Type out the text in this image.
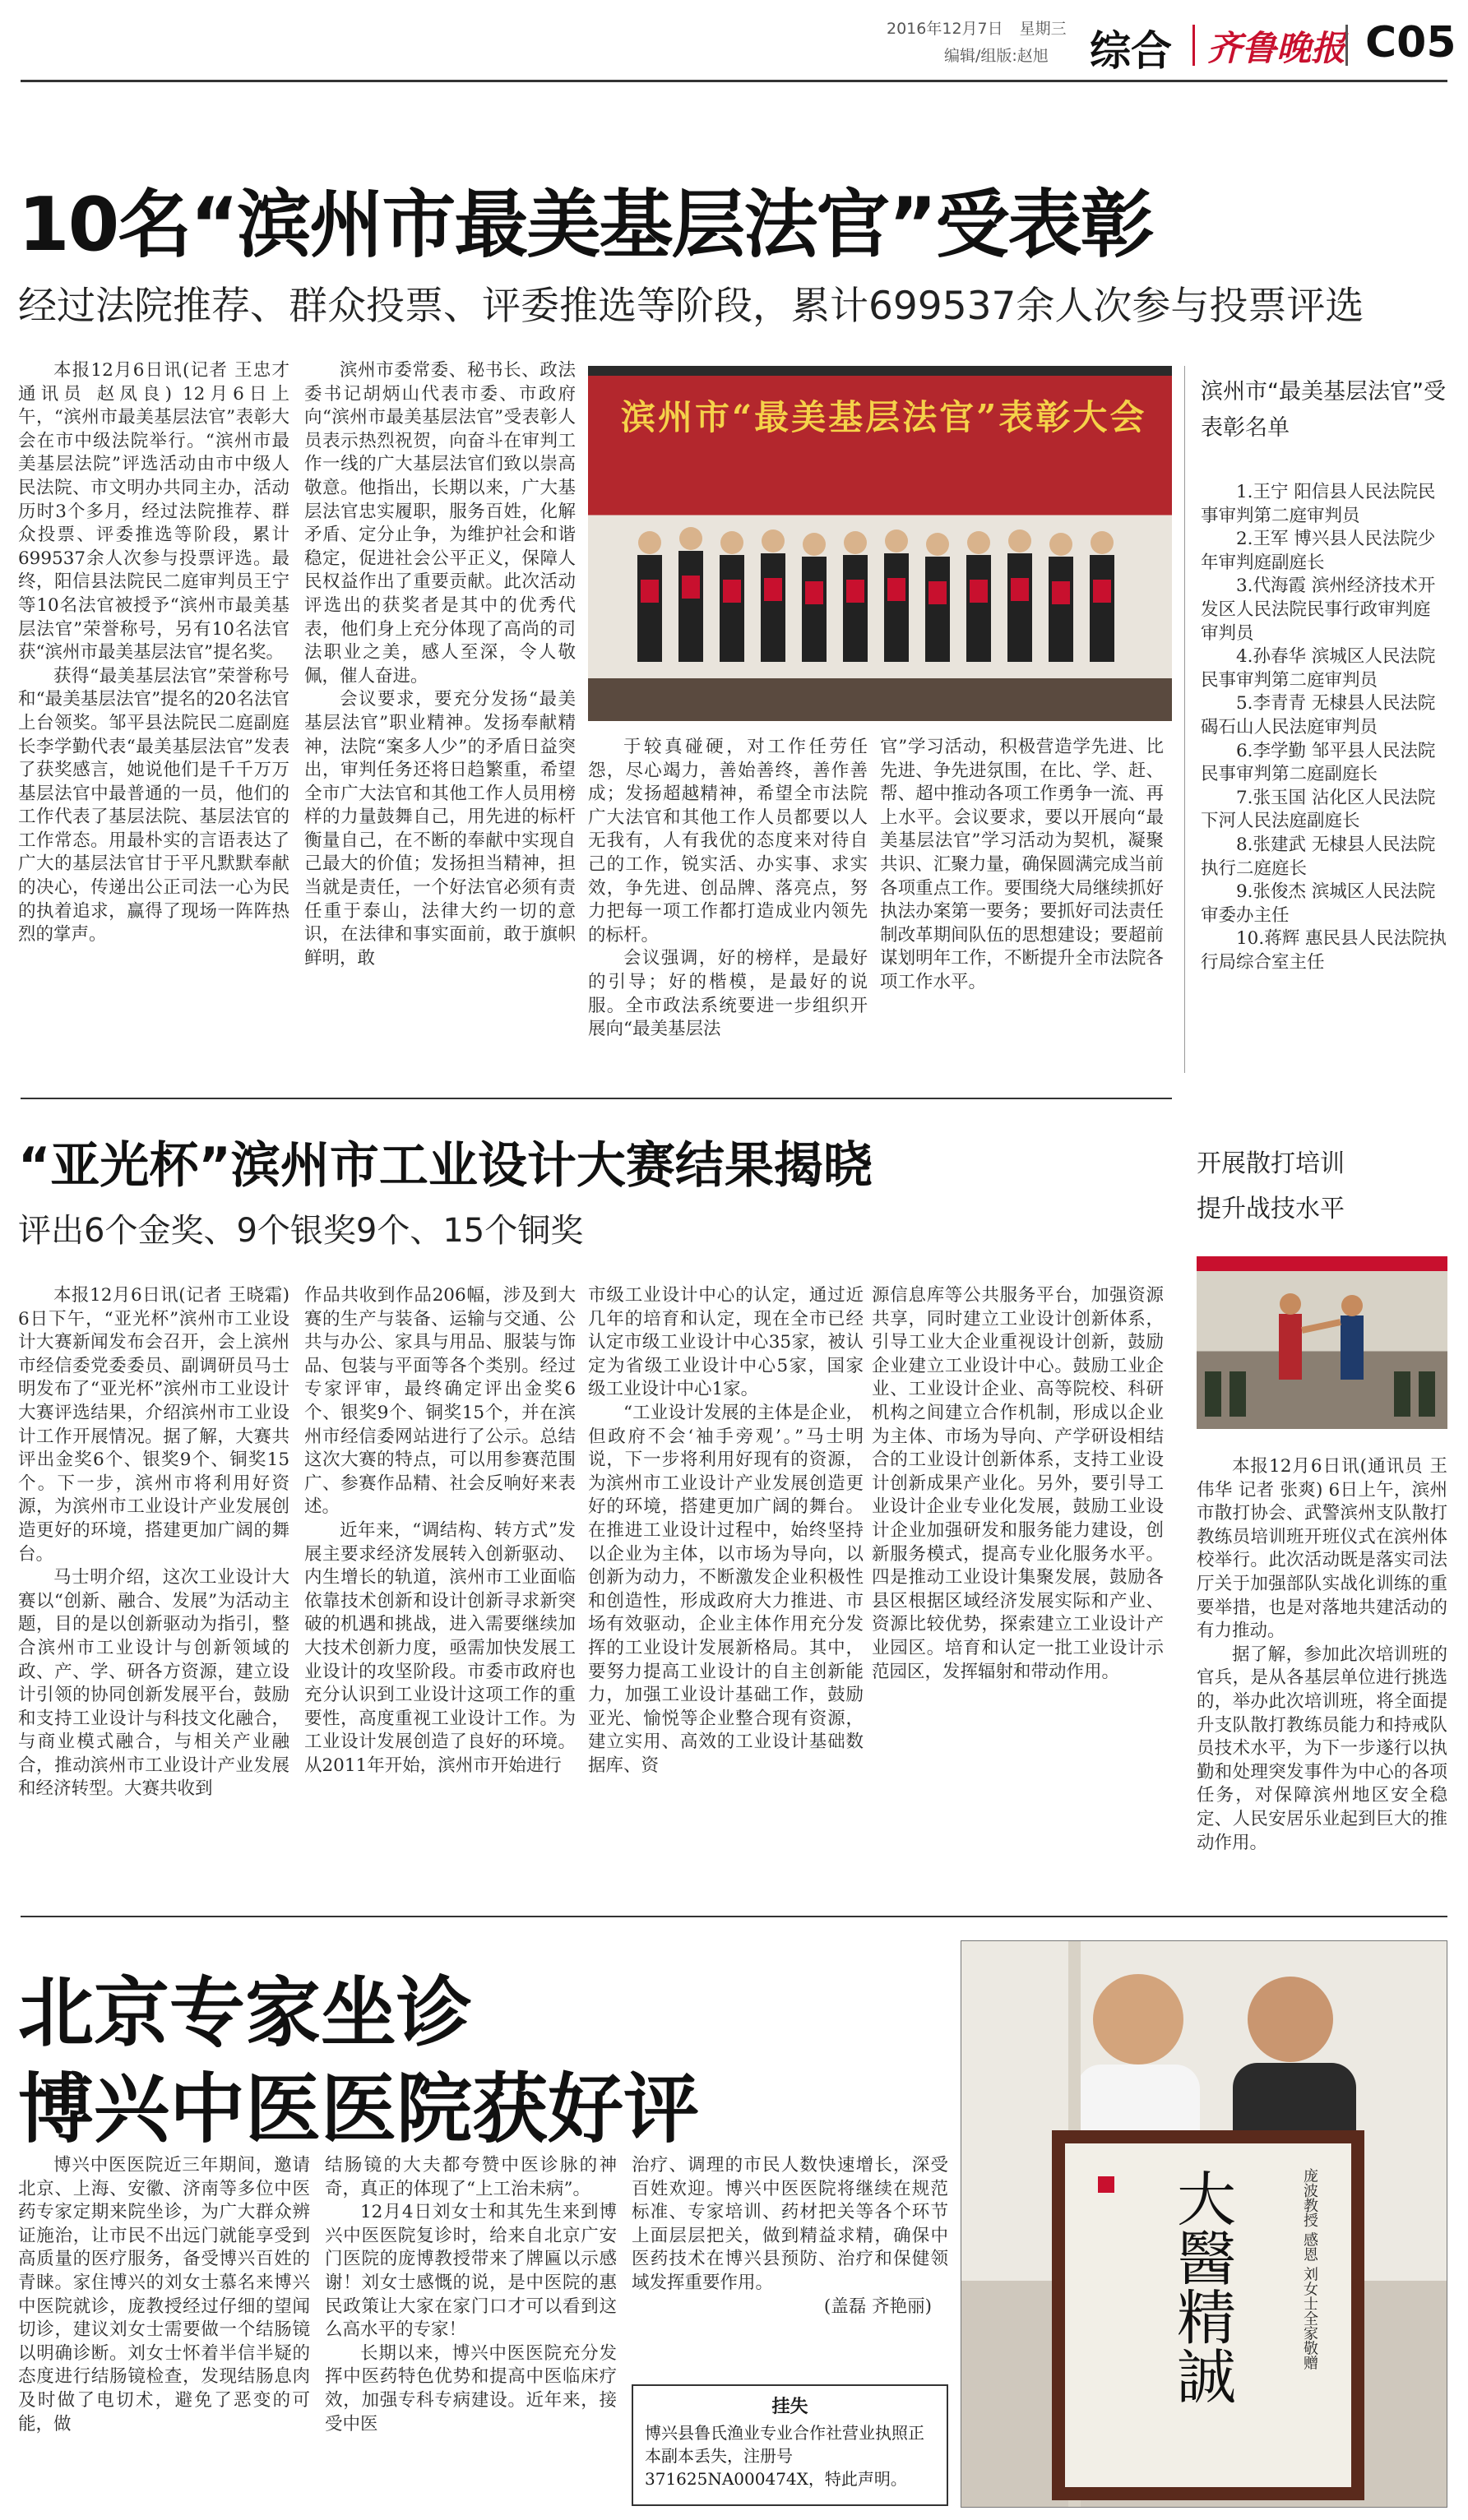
2016年12月7日 星期三
编辑/组版:赵旭 综合 齐鲁晚报 C05
10名“滨州市最美基层法官”受表彰
经过法院推荐、群众投票、评委推选等阶段，累计699537余人次参与投票评选

本报12月6日讯(记者 王忠才 通讯员 赵凤良) 12月6日上午，“滨州市最美基层法官”表彰大会在市中级法院举行。“滨州市最美基层法院”评选活动由市中级人民法院、市文明办共同主办，活动历时3个多月，经过法院推荐、群众投票、评委推选等阶段，累计699537余人次参与投票评选。最终，阳信县法院民二庭审判员王宁等10名法官被授予“滨州市最美基层法官”荣誉称号，另有10名法官获“滨州市最美基层法官”提名奖。

获得“最美基层法官”荣誉称号和“最美基层法官”提名的20名法官上台领奖。邹平县法院民二庭副庭长李学勤代表“最美基层法官”发表了获奖感言，她说他们是千千万万基层法官中最普通的一员，他们的工作代表了基层法院、基层法官的工作常态。用最朴实的言语表达了广大的基层法官甘于平凡默默奉献的决心，传递出公正司法一心为民的执着追求，赢得了现场一阵阵热烈的掌声。

滨州市委常委、秘书长、政法委书记胡炳山代表市委、市政府向“滨州市最美基层法官”受表彰人员表示热烈祝贺，向奋斗在审判工作一线的广大基层法官们致以崇高敬意。他指出，长期以来，广大基层法官忠实履职，服务百姓，化解矛盾、定分止争，为维护社会和谐稳定，促进社会公平正义，保障人民权益作出了重要贡献。此次活动评选出的获奖者是其中的优秀代表，他们身上充分体现了高尚的司法职业之美，感人至深，令人敬佩，催人奋进。

会议要求，要充分发扬“最美基层法官”职业精神。发扬奉献精神，法院“案多人少”的矛盾日益突出，审判任务还将日趋繁重，希望全市广大法官和其他工作人员用榜样的力量鼓舞自己，用先进的标杆衡量自己，在不断的奉献中实现自己最大的价值；发扬担当精神，担当就是责任，一个好法官必须有责任重于泰山，法律大约一切的意识，在法律和事实面前，敢于旗帜鲜明，敢

滨州市“最美基层法官”表彰大会

于较真碰硬，对工作任劳任怨，尽心竭力，善始善终，善作善成；发扬超越精神，希望全市法院广大法官和其他工作人员都要以人无我有，人有我优的态度来对待自己的工作，锐实活、办实事、求实效，争先进、创品牌、落亮点，努力把每一项工作都打造成业内领先的标杆。

会议强调，好的榜样，是最好的引导；好的楷模，是最好的说服。全市政法系统要进一步组织开展向“最美基层法

官”学习活动，积极营造学先进、比先进、争先进氛围，在比、学、赶、帮、超中推动各项工作勇争一流、再上水平。会议要求，要以开展向“最美基层法官”学习活动为契机，凝聚共识、汇聚力量，确保圆满完成当前各项重点工作。要围绕大局继续抓好执法办案第一要务；要抓好司法责任制改革期间队伍的思想建设；要超前谋划明年工作，不断提升全市法院各项工作水平。

滨州市“最美基层法官”受表彰名单
1.王宁 阳信县人民法院民事审判第二庭审判员
2.王军 博兴县人民法院少年审判庭副庭长
3.代海霞 滨州经济技术开发区人民法院民事行政审判庭审判员
4.孙春华 滨城区人民法院民事审判第二庭审判员
5.李青青 无棣县人民法院碣石山人民法庭审判员
6.李学勤 邹平县人民法院民事审判第二庭副庭长
7.张玉国 沾化区人民法院下河人民法庭副庭长
8.张建武 无棣县人民法院执行二庭庭长
9.张俊杰 滨城区人民法院审委办主任
10.蒋辉 惠民县人民法院执行局综合室主任
“亚光杯”滨州市工业设计大赛结果揭晓
评出6个金奖、9个银奖9个、15个铜奖

本报12月6日讯(记者 王晓霜) 6日下午，“亚光杯”滨州市工业设计大赛新闻发布会召开，会上滨州市经信委党委委员、副调研员马士明发布了“亚光杯”滨州市工业设计大赛评选结果，介绍滨州市工业设计工作开展情况。据了解，大赛共评出金奖6个、银奖9个、铜奖15个。下一步，滨州市将利用好资源，为滨州市工业设计产业发展创造更好的环境，搭建更加广阔的舞台。

马士明介绍，这次工业设计大赛以“创新、融合、发展”为活动主题，目的是以创新驱动为指引，整合滨州市工业设计与创新领域的政、产、学、研各方资源，建立设计引领的协同创新发展平台，鼓励和支持工业设计与科技文化融合，与商业模式融合，与相关产业融合，推动滨州市工业设计产业发展和经济转型。大赛共收到

作品共收到作品206幅，涉及到大赛的生产与装备、运输与交通、公共与办公、家具与用品、服装与饰品、包装与平面等各个类别。经过专家评审，最终确定评出金奖6个、银奖9个、铜奖15个，并在滨州市经信委网站进行了公示。总结这次大赛的特点，可以用参赛范围广、参赛作品精、社会反响好来表述。

近年来，“调结构、转方式”发展主要求经济发展转入创新驱动、内生增长的轨道，滨州市工业面临依靠技术创新和设计创新寻求新突破的机遇和挑战，进入需要继续加大技术创新力度，亟需加快发展工业设计的攻坚阶段。市委市政府也充分认识到工业设计这项工作的重要性，高度重视工业设计工作。为工业设计发展创造了良好的环境。从2011年开始，滨州市开始进行

市级工业设计中心的认定，通过近几年的培育和认定，现在全市已经认定市级工业设计中心35家，被认定为省级工业设计中心5家，国家级工业设计中心1家。

“工业设计发展的主体是企业，但政府不会‘袖手旁观’。”马士明说，下一步将利用好现有的资源，为滨州市工业设计产业发展创造更好的环境，搭建更加广阔的舞台。在推进工业设计过程中，始终坚持以企业为主体，以市场为导向，以创新为动力，不断激发企业积极性和创造性，形成政府大力推进、市场有效驱动，企业主体作用充分发挥的工业设计发展新格局。其中，要努力提高工业设计的自主创新能力，加强工业设计基础工作，鼓励亚光、愉悦等企业整合现有资源，建立实用、高效的工业设计基础数据库、资

源信息库等公共服务平台，加强资源共享，同时建立工业设计创新体系，引导工业大企业重视设计创新，鼓励企业建立工业设计中心。鼓励工业企业、工业设计企业、高等院校、科研机构之间建立合作机制，形成以企业为主体、市场为导向、产学研设相结合的工业设计创新体系，支持工业设计创新成果产业化。另外，要引导工业设计企业专业化发展，鼓励工业设计企业加强研发和服务能力建设，创新服务模式，提高专业化服务水平。四是推动工业设计集聚发展，鼓励各县区根据区域经济发展实际和产业、资源比较优势，探索建立工业设计产业园区。培育和认定一批工业设计示范园区，发挥辐射和带动作用。

开展散打培训
提升战技水平

本报12月6日讯(通讯员 王伟华 记者 张爽) 6日上午，滨州市散打协会、武警滨州支队散打教练员培训班开班仪式在滨州体校举行。此次活动既是落实司法厅关于加强部队实战化训练的重要举措，也是对落地共建活动的有力推动。

据了解，参加此次培训班的官兵，是从各基层单位进行挑选的，举办此次培训班，将全面提升支队散打教练员能力和持戒队员技术水平，为下一步遂行以执勤和处理突发事件为中心的各项任务，对保障滨州地区安全稳定、人民安居乐业起到巨大的推动作用。

北京专家坐诊
博兴中医医院获好评

博兴中医医院近三年期间，邀请北京、上海、安徽、济南等多位中医药专家定期来院坐诊，为广大群众辨证施治，让市民不出远门就能享受到高质量的医疗服务，备受博兴百姓的青睐。家住博兴的刘女士慕名来博兴中医院就诊，庞教授经过仔细的望闻切诊，建议刘女士需要做一个结肠镜以明确诊断。刘女士怀着半信半疑的态度进行结肠镜检查，发现结肠息肉及时做了电切术，避免了恶变的可能，做

结肠镜的大夫都夸赞中医诊脉的神奇，真正的体现了“上工治未病”。

12月4日刘女士和其先生来到博兴中医医院复诊时，给来自北京广安门医院的庞博教授带来了牌匾以示感谢！刘女士感慨的说，是中医院的惠民政策让大家在家门口才可以看到这么高水平的专家！

长期以来，博兴中医医院充分发挥中医药特色优势和提高中医临床疗效，加强专科专病建设。近年来，接受中医

治疗、调理的市民人数快速增长，深受百姓欢迎。博兴中医医院将继续在规范标准、专家培训、药材把关等各个环节上面层层把关，做到精益求精，确保中医药技术在博兴县预防、治疗和保健领域发挥重要作用。

(盖磊 齐艳丽)
挂失
博兴县鲁氏渔业专业合作社营业执照正本副本丢失，注册号371625NA000474X，特此声明。
大醫精誠	庞波教授 感恩 刘女士全家敬赠
